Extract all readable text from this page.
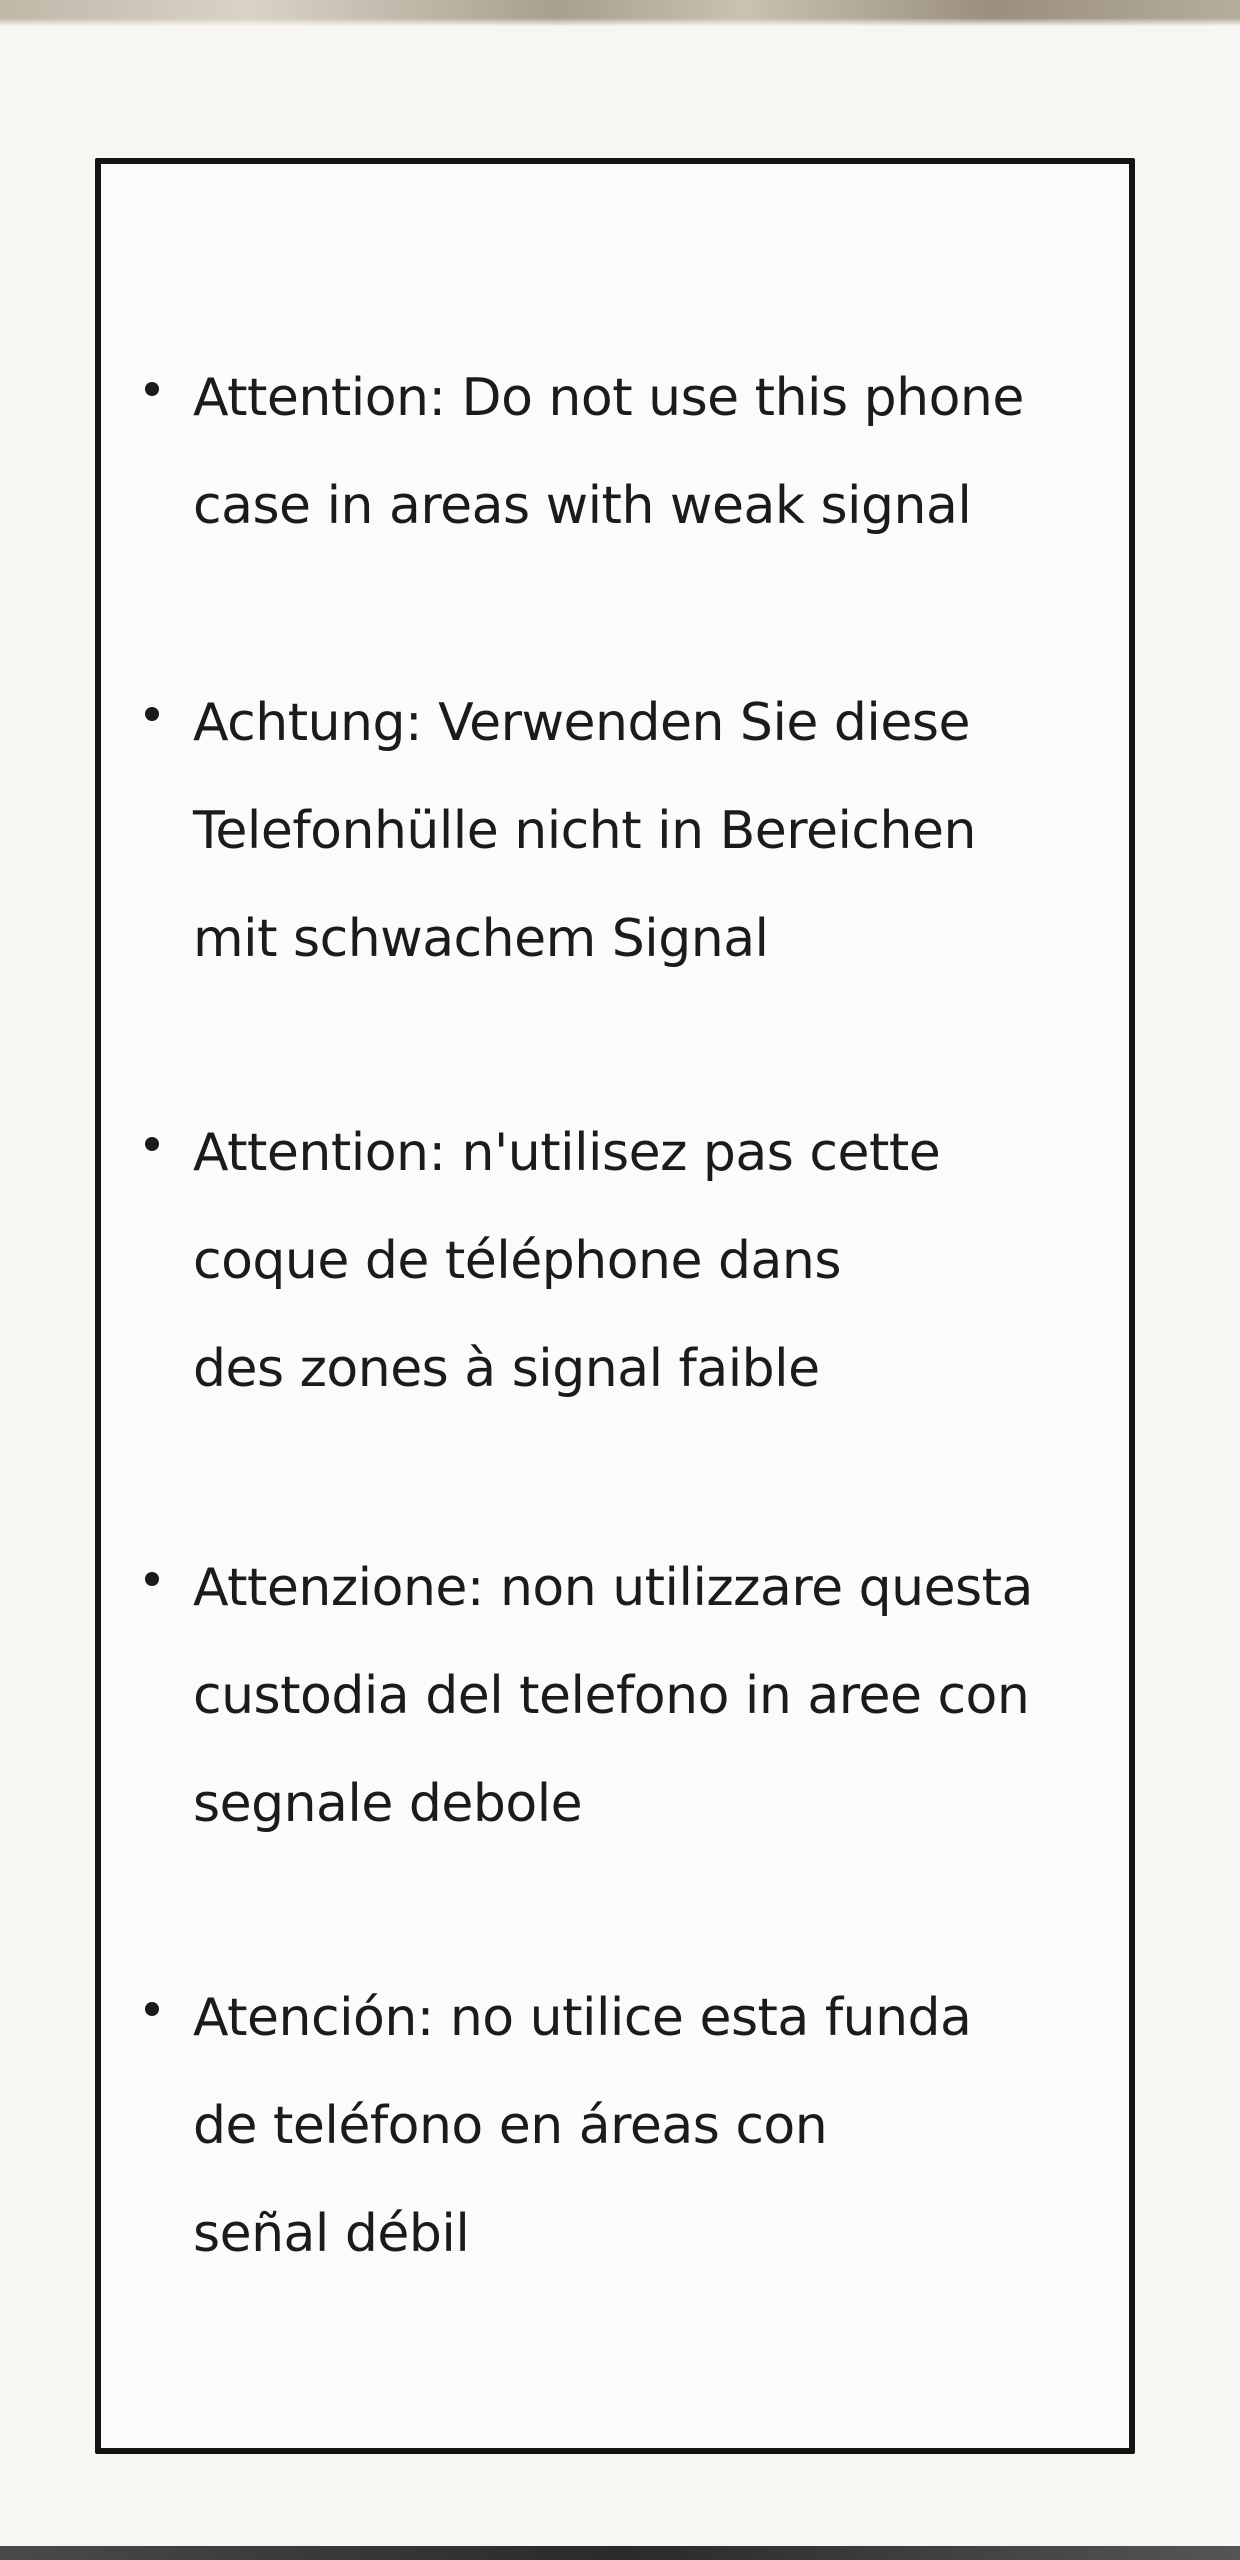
Attention: Do not use this phone
case in areas with weak signal

Achtung: Verwenden Sie diese
Telefonhülle nicht in Bereichen
mit schwachem Signal

Attention: n'utilisez pas cette
coque de téléphone dans
des zones à signal faible

Attenzione: non utilizzare questa
custodia del telefono in aree con
segnale debole

Atención: no utilice esta funda
de teléfono en áreas con
señal débil
